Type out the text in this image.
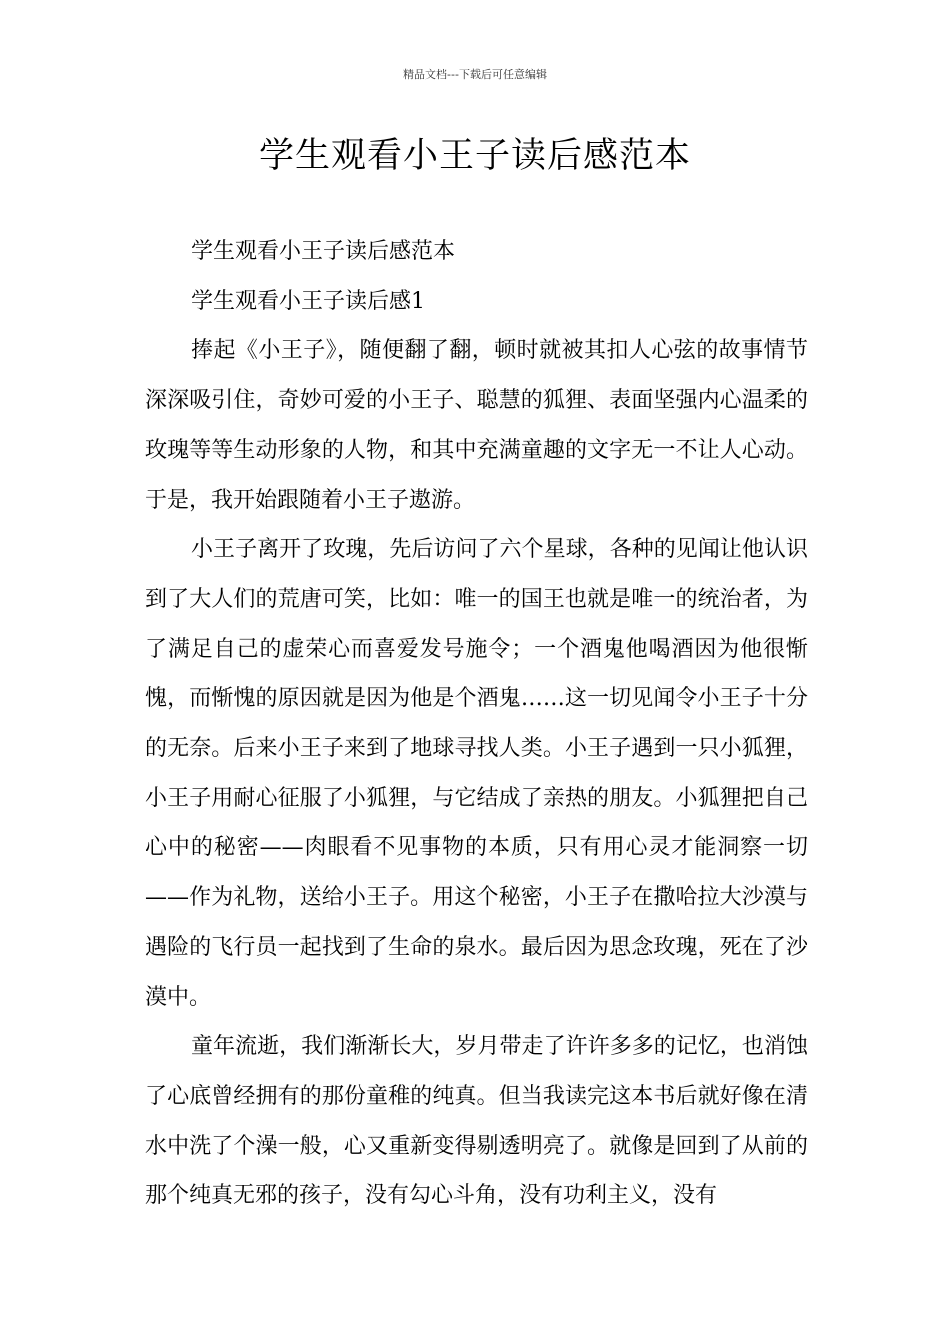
精品文档---下载后可任意编辑
学生观看小王子读后感范本

学生观看小王子读后感范本

学生观看小王子读后感1

捧起《小王子》，随便翻了翻，顿时就被其扣人心弦的故事情节深深吸引住，奇妙可爱的小王子、聪慧的狐狸、表面坚强内心温柔的玫瑰等等生动形象的人物，和其中充满童趣的文字无一不让人心动。于是，我开始跟随着小王子遨游。

小王子离开了玫瑰，先后访问了六个星球，各种的见闻让他认识到了大人们的荒唐可笑，比如：唯一的国王也就是唯一的统治者，为了满足自己的虚荣心而喜爱发号施令；一个酒鬼他喝酒因为他很惭愧，而惭愧的原因就是因为他是个酒鬼……这一切见闻令小王子十分的无奈。后来小王子来到了地球寻找人类。小王子遇到一只小狐狸，小王子用耐心征服了小狐狸，与它结成了亲热的朋友。小狐狸把自己心中的秘密——肉眼看不见事物的本质，只有用心灵才能洞察一切——作为礼物，送给小王子。用这个秘密，小王子在撒哈拉大沙漠与遇险的飞行员一起找到了生命的泉水。最后因为思念玫瑰，死在了沙漠中。

童年流逝，我们渐渐长大，岁月带走了许许多多的记忆，也消蚀了心底曾经拥有的那份童稚的纯真。但当我读完这本书后就好像在清水中洗了个澡一般，心又重新变得剔透明亮了。就像是回到了从前的那个纯真无邪的孩子，没有勾心斗角，没有功利主义，没有
